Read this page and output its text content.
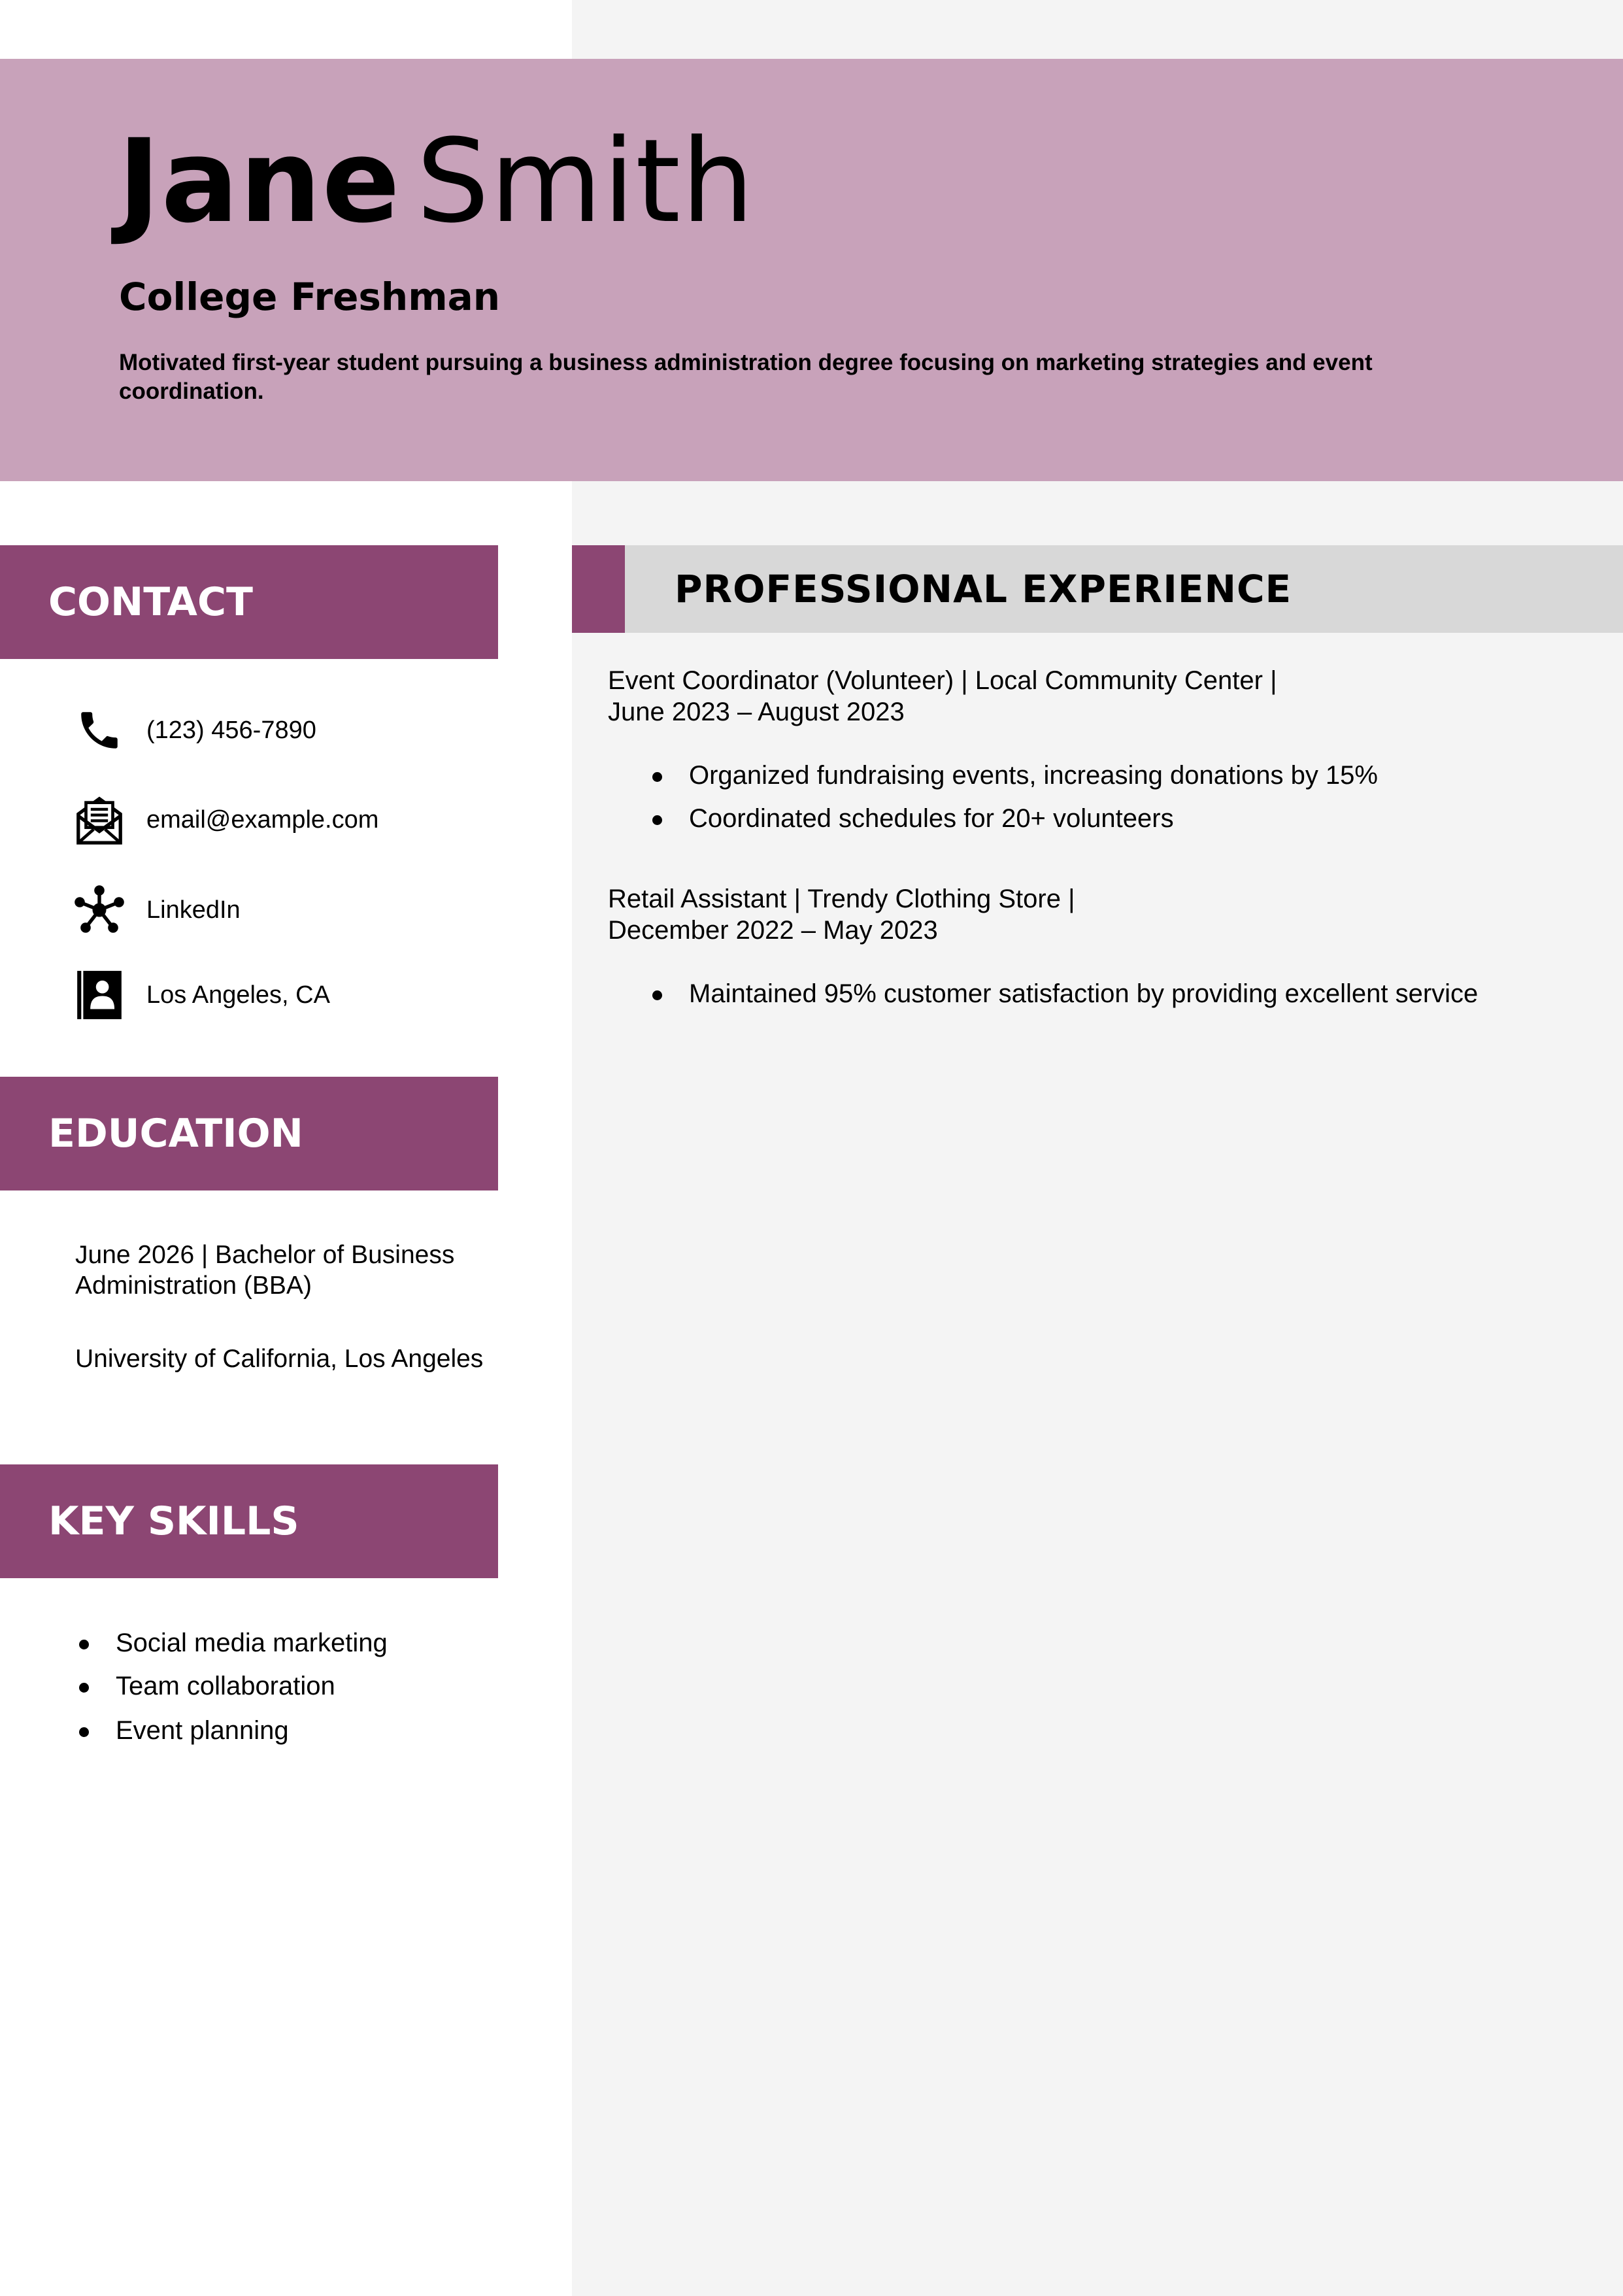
Jane Smith
College Freshman
Motivated first-year student pursuing a business administration degree focusing on marketing strategies and event coordination.
CONTACT
(123) 456-7890
email@example.com
LinkedIn
Los Angeles, CA
EDUCATION
June 2026 | Bachelor of Business Administration (BBA)
University of California, Los Angeles
KEY SKILLS
Social media marketing
Team collaboration
Event planning
PROFESSIONAL EXPERIENCE
Event Coordinator (Volunteer) | Local Community Center |
June 2023 – August 2023
Organized fundraising events, increasing donations by 15%
Coordinated schedules for 20+ volunteers
Retail Assistant | Trendy Clothing Store |
December 2022 – May 2023
Maintained 95% customer satisfaction by providing excellent service
